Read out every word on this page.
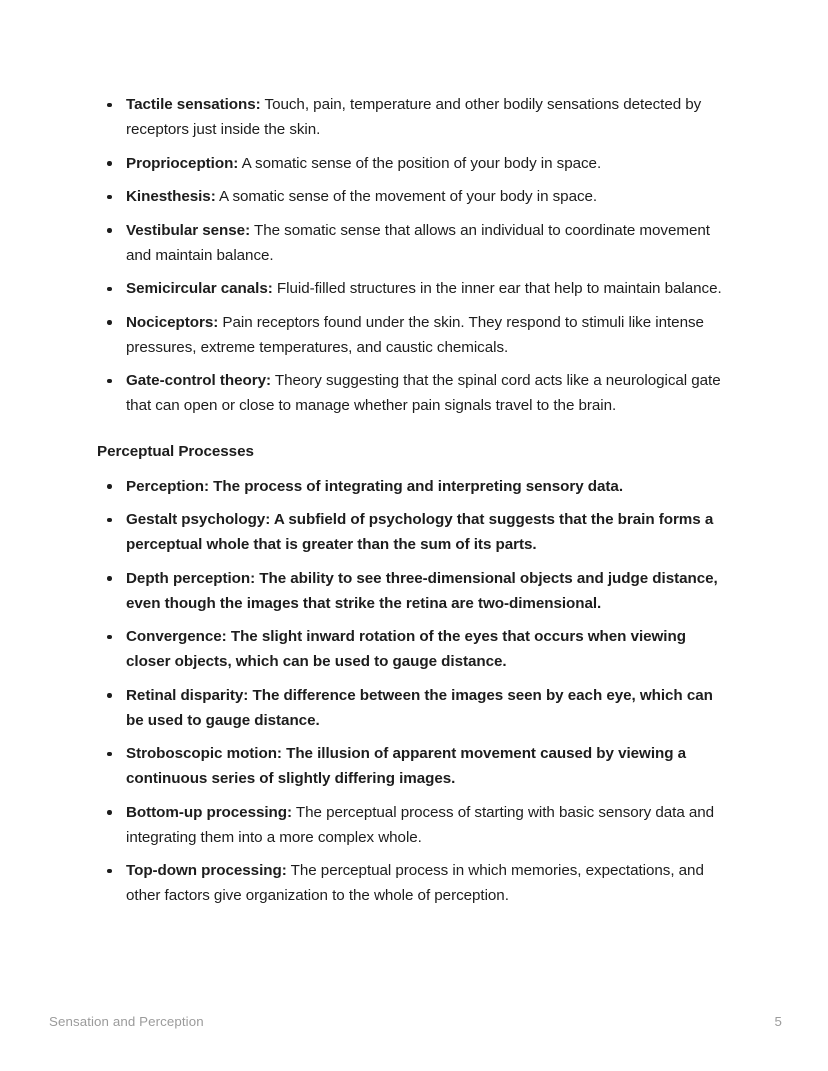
Tactile sensations: Touch, pain, temperature and other bodily sensations detected by receptors just inside the skin.
Proprioception: A somatic sense of the position of your body in space.
Kinesthesis: A somatic sense of the movement of your body in space.
Vestibular sense: The somatic sense that allows an individual to coordinate movement and maintain balance.
Semicircular canals: Fluid-filled structures in the inner ear that help to maintain balance.
Nociceptors: Pain receptors found under the skin. They respond to stimuli like intense pressures, extreme temperatures, and caustic chemicals.
Gate-control theory: Theory suggesting that the spinal cord acts like a neurological gate that can open or close to manage whether pain signals travel to the brain.
Perceptual Processes
Perception: The process of integrating and interpreting sensory data.
Gestalt psychology: A subfield of psychology that suggests that the brain forms a perceptual whole that is greater than the sum of its parts.
Depth perception: The ability to see three-dimensional objects and judge distance, even though the images that strike the retina are two-dimensional.
Convergence: The slight inward rotation of the eyes that occurs when viewing closer objects, which can be used to gauge distance.
Retinal disparity: The difference between the images seen by each eye, which can be used to gauge distance.
Stroboscopic motion: The illusion of apparent movement caused by viewing a continuous series of slightly differing images.
Bottom-up processing: The perceptual process of starting with basic sensory data and integrating them into a more complex whole.
Top-down processing: The perceptual process in which memories, expectations, and other factors give organization to the whole of perception.
Sensation and Perception	5
